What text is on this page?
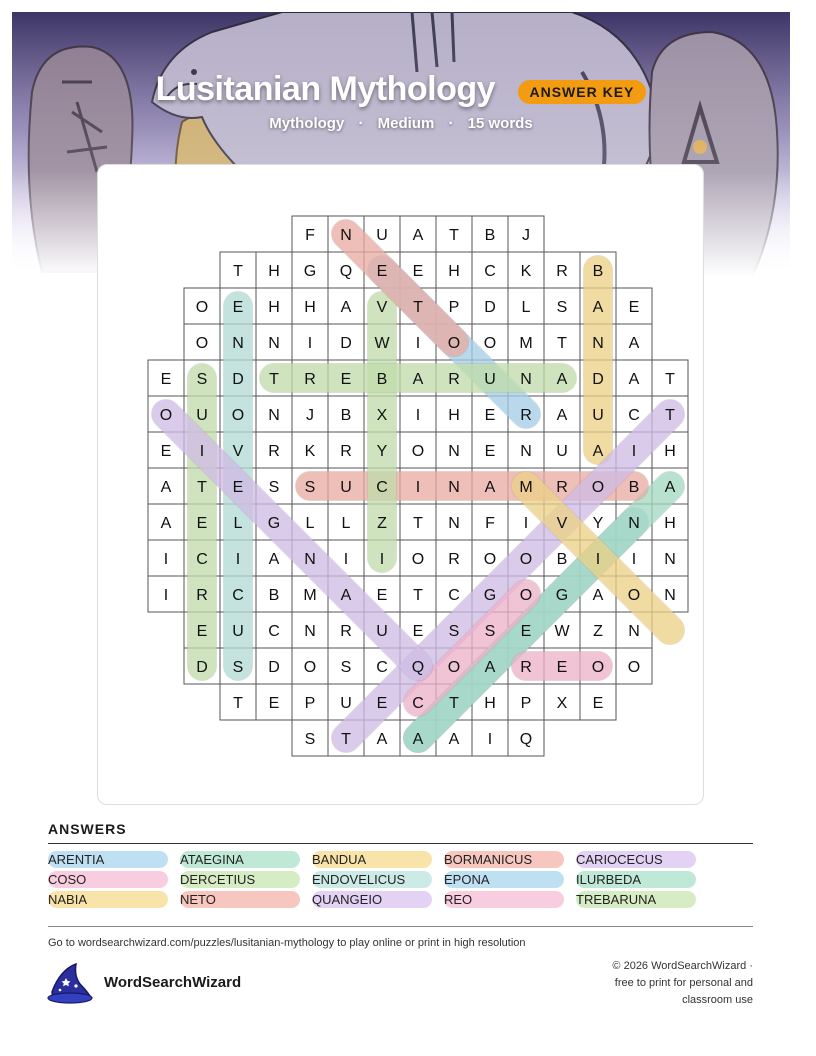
Lusitanian Mythology ANSWER KEY
Mythology · Medium · 15 words
F N U A T B J
T H G Q E E H C K R B
O E H H A V T P D L S A E
O N N I D W I O O M T N A
E S D T R E B A R U N A D A T
O U O N J B X I H E R A U C T
E I V R K R Y O N E N U A I H
A T E S S U C I N A M R O B A
A E L G L L Z T N F I V Y N H
I C I A N I I O R O O B I I N
I R C B M A E T C G O G A O N
E U C N R U E S S E W Z N
D S D O S C Q O A R E O O
T E P U E C T H P X E
S T A A A I Q
ANSWERS
ARENTIA	ATAEGINA	BANDUA	BORMANICUS	CARIOCECUS
COSO	DERCETIUS	ENDOVELICUS	EPONA	ILURBEDA
NABIA	NETO	QUANGEIO	REO	TREBARUNA
Go to wordsearchwizard.com/puzzles/lusitanian-mythology to play online or print in high resolution
WordSearchWizard
© 2026 WordSearchWizard ·
free to print for personal and
classroom use
